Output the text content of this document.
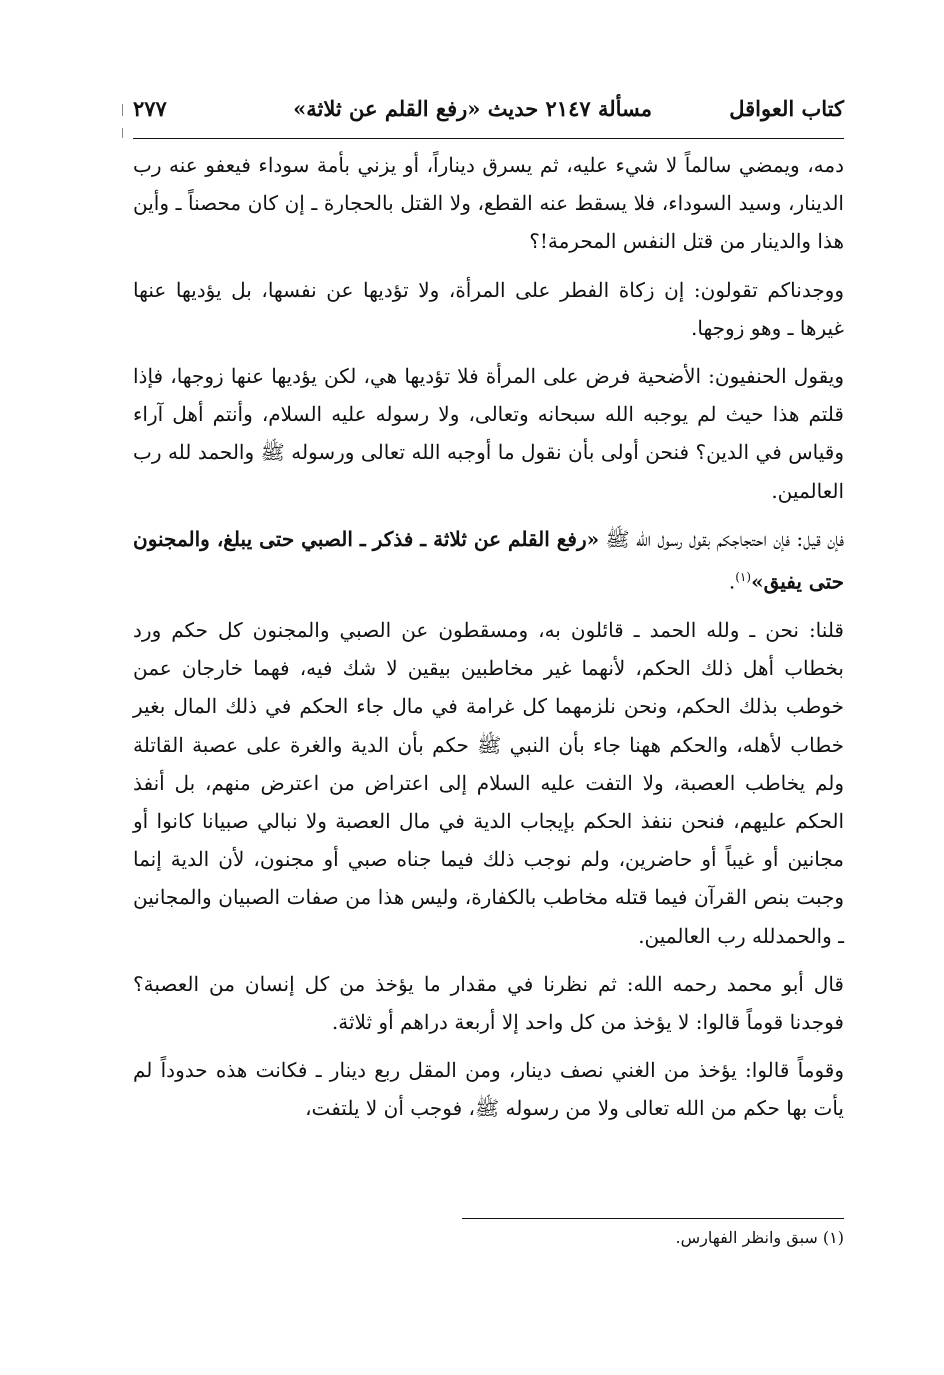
كتاب العواقل
مسألة ٢١٤٧ حديث «رفع القلم عن ثلاثة»
٢٧٧

دمه، ويمضي سالماً لا شيء عليه، ثم يسرق ديناراً، أو يزني بأمة سوداء فيعفو عنه رب الدينار، وسيد السوداء، فلا يسقط عنه القطع، ولا القتل بالحجارة ـ إن كان محصناً ـ وأين هذا والدينار من قتل النفس المحرمة!؟

ووجدناكم تقولون: إن زكاة الفطر على المرأة، ولا تؤديها عن نفسها، بل يؤديها عنها غيرها ـ وهو زوجها.

ويقول الحنفيون: الأضحية فرض على المرأة فلا تؤديها هي، لكن يؤديها عنها زوجها، فإذا قلتم هذا حيث لم يوجبه الله سبحانه وتعالى، ولا رسوله عليه السلام، وأنتم أهل آراء وقياس في الدين؟ فنحن أولى بأن نقول ما أوجبه الله تعالى ورسوله ﷺ والحمد لله رب العالمين.

فإن قيل: فإن احتجاجكم بقول رسول الله ﷺ «رفع القلم عن ثلاثة ـ فذكر ـ الصبي حتى يبلغ، والمجنون حتى يفيق»$^{(١)}$.

قلنا: نحن ـ ولله الحمد ـ قائلون به، ومسقطون عن الصبي والمجنون كل حكم ورد بخطاب أهل ذلك الحكم، لأنهما غير مخاطبين بيقين لا شك فيه، فهما خارجان عمن خوطب بذلك الحكم، ونحن نلزمهما كل غرامة في مال جاء الحكم في ذلك المال بغير خطاب لأهله، والحكم ههنا جاء بأن النبي ﷺ حكم بأن الدية والغرة على عصبة القاتلة ولم يخاطب العصبة، ولا التفت عليه السلام إلى اعتراض من اعترض منهم، بل أنفذ الحكم عليهم، فنحن ننفذ الحكم بإيجاب الدية في مال العصبة ولا نبالي صبيانا كانوا أو مجانين أو غيباً أو حاضرين، ولم نوجب ذلك فيما جناه صبي أو مجنون، لأن الدية إنما وجبت بنص القرآن فيما قتله مخاطب بالكفارة، وليس هذا من صفات الصبيان والمجانين ـ والحمدلله رب العالمين.

قال أبو محمد رحمه الله: ثم نظرنا في مقدار ما يؤخذ من كل إنسان من العصبة؟ فوجدنا قوماً قالوا: لا يؤخذ من كل واحد إلا أربعة دراهم أو ثلاثة.

وقوماً قالوا: يؤخذ من الغني نصف دينار، ومن المقل ربع دينار ـ فكانت هذه حدوداً لم يأت بها حكم من الله تعالى ولا من رسوله ﷺ، فوجب أن لا يلتفت،

(١) سبق وانظر الفهارس.
